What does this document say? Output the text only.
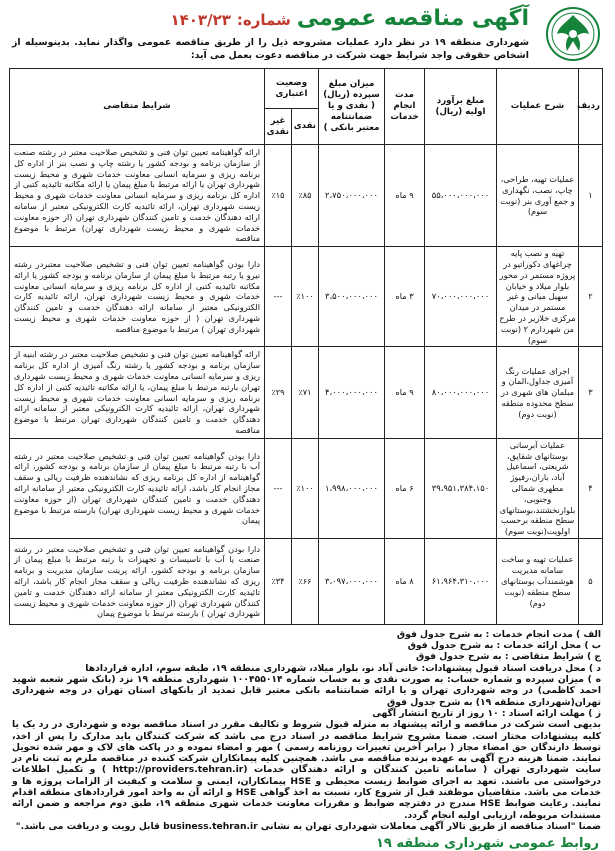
آگهی مناقصه عمومی
شماره:
۱۴۰۳/۲۳
شهرداری منطقه ۱۹ در نظر دارد عملیات مشروحه ذیل را از طریق مناقصه عمومی واگذار نماید. بدینوسیله از اشخاص حقوقی واجد شرایط جهت شرکت در مناقصه دعوت بعمل می آید:
ردیف	شرح عملیات	مبلغ برآورد اولیه (ریال)	مدت انجام خدمات	میزان مبلغ سپرده (ریال) ( نقدی و یا ضمانتنامه معتبر بانکی )	وضعیت اعتباری		شرایط متقاضی
					نقدی	غیر نقدی	
۱	عملیات تهیه، طراحی، چاپ، نصب، نگهداری و جمع آوری بنر (نوبت سوم)	۵۵،۰۰۰،۰۰۰،۰۰۰	۹ ماه	۲،۷۵۰،۰۰۰،۰۰۰	٪۸۵	٪۱۵	ارائه گواهینامه تعیین توان فنی و تشخیص صلاحیت معتبر در رشته صنعت از سازمان برنامه و بودجه کشور یا رشته چاپ و نصب بنر از اداره کل برنامه ریزی و سرمایه انسانی معاونت خدمات شهری و محیط زیست شهرداری تهران یا ارائه مرتبط با مبلغ پیمان یا ارائه مکاتبه تائیدیه کتبی از اداره کل برنامه ریزی و سرمایه انسانی معاونت خدمات شهری و محیط زیست شهرداری تهران، ارائه تائیدیه کارت الکترونیکی معتبر از سامانه ارائه دهندگان خدمت و تامین کنندگان شهرداری تهران (از حوزه معاونت خدمات شهری و محیط زیست شهرداری تهران) مرتبط با موضوع مناقصه
۲	تهیه و نصب پایه چراغهای دکوراتیو در پروژه مستمر در محور بلوار میلاد و خیابان سهیل میانی و غیر مستمر در میدان مرکزی خلازیر در طرح من شهردارم ۲ (نوبت سوم)	۷۰،۰۰۰،۰۰۰،۰۰۰	۳ ماه	۳،۵۰۰،۰۰۰،۰۰۰	٪۱۰۰	---	دارا بودن گواهینامه تعیین توان فنی و تشخیص صلاحیت معتبردر رشته نیرو یا رتبه مرتبط با مبلغ پیمان از سازمان برنامه و بودجه کشور یا ارائه مکاتبه تائیدیه کتبی از اداره کل برنامه ریزی و سرمایه انسانی معاونت خدمات شهری و محیط زیست شهرداری تهران، ارائه تائیدیه کارت الکترونیکی معتبر از سامانه ارائه دهندگان خدمت و تامین کنندگان شهرداری تهران ( از حوزه معاونت خدمات شهری و محیط زیست شهرداری تهران ) مرتبط با موضوع مناقصه
۳	اجرای عملیات رنگ آمیزی جداول،المان و مبلمان های شهری در سطح محدوده منطقه (نوبت دوم)	۸۰،۰۰۰،۰۰۰،۰۰۰	۹ ماه	۴،۰۰۰،۰۰۰،۰۰۰	٪۷۱	٪۲۹	ارائه گواهینامه تعیین توان فنی و تشخیص صلاحیت معتبر در رشته ابنیه از سازمان برنامه و بودجه کشور یا رشته رنگ آمیزی از اداره کل برنامه ریزی و سرمایه انسانی معاونت خدمات شهری و محیط زیست شهرداری تهران بارتبه مرتبط با مبلغ پیمان، یا ارائه مکاتبه تائیدیه کتبی از اداره کل برنامه ریزی و سرمایه انسانی معاونت خدمات شهری و محیط زیست شهرداری تهران، ارائه تائیدیه کارت الکترونیکی معتبر از سامانه ارائه دهندگان خدمت و تامین کنندگان شهرداری تهران مرتبط با موضوع مناقصه
۴	عملیات آبرسانی بوستانهای شقایق، شریعتی، اسماعیل آباد، باران،رفیوژ مطهری شمالی وجنوبی، بلوارنخشتند،بوستانهای سطح منطقه برحسب اولویت(نوبت سوم)	۳۹،۹۵۱،۳۸۴،۱۵۰	۶ ماه	۱،۹۹۸،۰۰۰،۰۰۰	٪۱۰۰	---	دارا بودن گواهینامه تعیین توان فنی و تشخیص صلاحیت معتبر در رشته آب با رتبه مرتبط با مبلغ پیمان از سازمان برنامه و بودجه کشور، ارائه گواهینامه از اداره کل برنامه ریزی که نشاندهنده ظرفیت ریالی و سقف مجاز انجام کار باشد، ارائه تائیدیه کارت الکترونیکی معتبر از سامانه ارائه دهندگان خدمت و تامین کنندگان شهرداری تهران (از حوزه معاونت خدمات شهری و محیط زیست شهرداری تهران) بارسته مرتبط با موضوع پیمان
۵	عملیات تهیه و ساخت سامانه مدیریت هوشمندآب بوستانهای سطح منطقه (نوبت دوم)	۶۱،۹۶۴،۳۱۰،۰۰۰	۸ ماه	۳،۰۹۷،۰۰۰،۰۰۰	٪۶۶	٪۳۴	دارا بودن گواهینامه تعیین توان فنی و تشخیص صلاحیت معتبر در رشته صنعت یا آب با تاسیسات و تجهیزات با رتبه مرتبط با مبلغ پیمان از سازمان برنامه و بودجه کشور، ارائه پرینت سازمان مدیریت و برنامه ریزی که نشاندهنده ظرفیت ریالی و سقف مجاز انجام کار باشد، ارائه تائیدیه کارت الکترونیکی معتبر از سامانه ارائه دهندگان خدمت و تامین کنندگان شهرداری تهران (از حوزه معاونت خدمات شهری و محیط زیست شهرداری تهران ) بارسته مرتبط با موضوع پیمان

الف ) مدت انجام خدمات : به شرح جدول فوق

ب ) محل ارائه خدمات : به شرح جدول فوق

ج ) شرایط متقاضی : به شرح جدول فوق

د ) محل دریافت اسناد قبول پیشنهادات: خانی آباد نو، بلوار میلاد، شهرداری منطقه ۱۹، طبقه سوم، اداره قراردادها

ه ) میزان سپرده و شماره حساب: به صورت نقدی و به حساب شماره ۱۰۰۴۵۵۰۱۴ شهرداری منطقه ۱۹ نزد (بانک شهر شعبه شهید احمد کاظمی) در وجه شهرداری تهران و یا ارائه ضمانتنامه بانکی معتبر قابل تمدید از بانکهای استان تهران در وجه شهرداری تهران(شهرداری منطقه ۱۹) به شرح جدول فوق

ز ) مهلت ارائه اسناد : ۱۰ روز از تاریخ انتشار آگهی

بدیهی است شرکت در مناقصه و ارائه پیشنهاد به منزله قبول شروط و تکالیف مقرر در اسناد مناقصه بوده و شهرداری در رد یک یا کلیه پیشنهادات مختار است. ضمنا مشروح شرایط مناقصه در اسناد درج می باشد که شرکت کنندگان باید مدارک را پس از اخذ، توسط دارندگان حق امضاء مجاز ( برابر آخرین تغییرات روزنامه رسمی ) مهر و امضاء نموده و در پاکت های لاک و مهر شده تحویل نمایند. ضمنا هزینه درج آگهی به عهده برنده مناقصه می باشد. همچنین کلیه پیمانکاران شرکت کننده در مناقصه ملزم به ثبت نام در سایت شهرداری تهران ( سامانه تامین کنندگان و ارائه دهندگان خدمات (http://providers.tehran.ir ) و تکمیل اطلاعات درخواستی می باشند. تعهد به اجرای ضوابط زیست محیطی و HSE پیمانکاران، ایمنی و سلامت و کیفیت از الزامات پروژه ها و خدمات می باشد. متقاضیان موظفند قبل از شروع کار، نسبت به اخذ گواهی HSE و ارائه آن به واحد امور قراردادهای منطقه اقدام نمایند. رعایت ضوابط HSE مندرج در دفترچه ضوابط و مقررات معاونت خدمات شهری منطقه ۱۹، طبق دوم مراجعه و ضمن ارائه مستندات مربوطه، ارزیابی اولیه انجام گردد.

ضمنا "اسناد مناقصه از طریق تالار آگهی معاملات شهرداری تهران به نشانی business.tehran.ir قابل رویت و دریافت می باشد."

روابط عمومی شهرداری منطقه ۱۹
